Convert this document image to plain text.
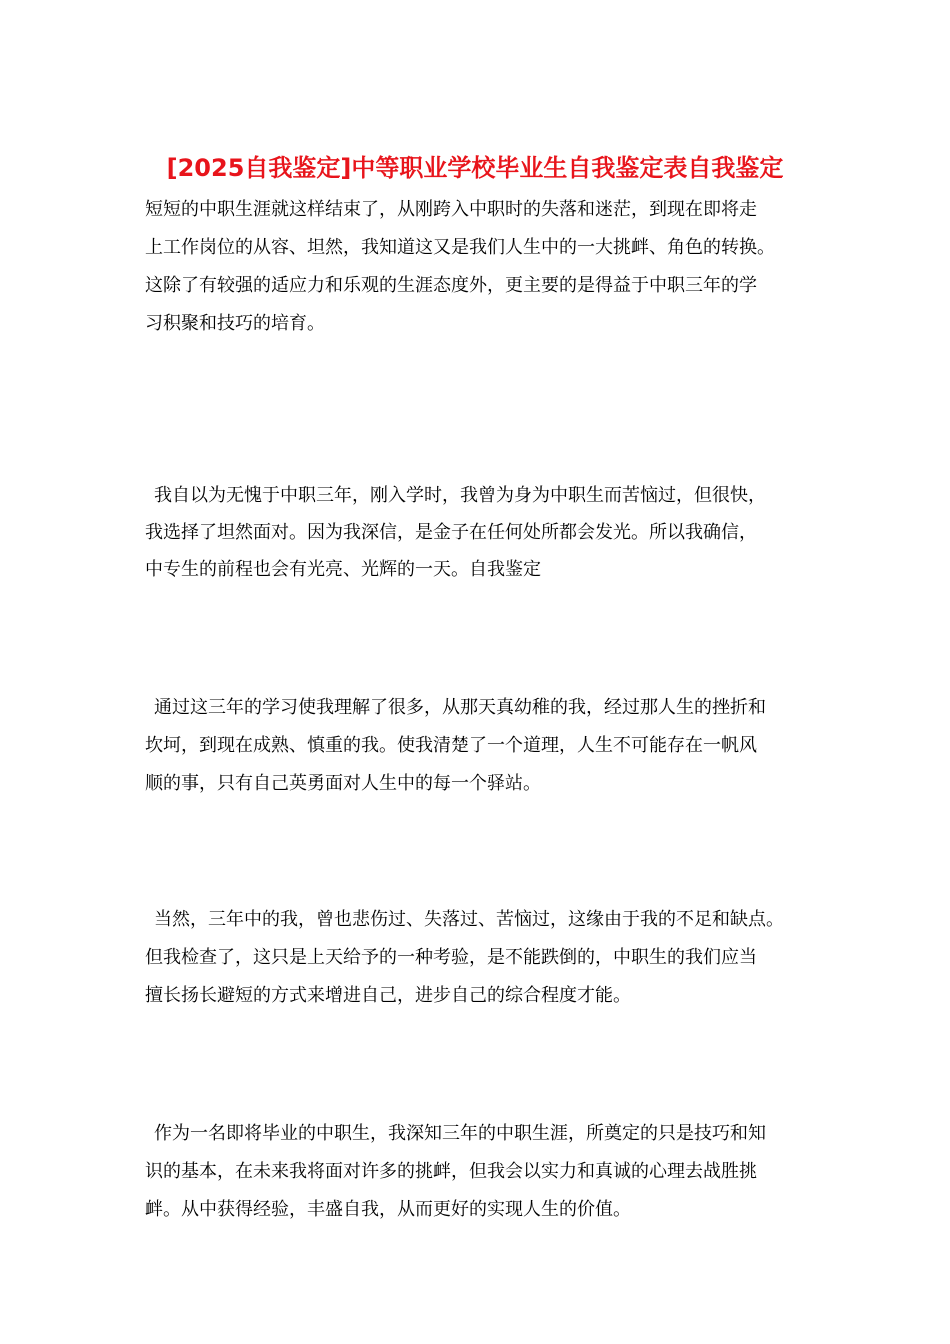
[2025自我鉴定]中等职业学校毕业生自我鉴定表自我鉴定
短短的中职生涯就这样结束了，从刚跨入中职时的失落和迷茫，到现在即将走
上工作岗位的从容、坦然，我知道这又是我们人生中的一大挑衅、角色的转换。
这除了有较强的适应力和乐观的生涯态度外，更主要的是得益于中职三年的学
习积聚和技巧的培育。
我自以为无愧于中职三年，刚入学时，我曾为身为中职生而苦恼过，但很快，
我选择了坦然面对。因为我深信，是金子在任何处所都会发光。所以我确信，
中专生的前程也会有光亮、光辉的一天。自我鉴定
通过这三年的学习使我理解了很多，从那天真幼稚的我，经过那人生的挫折和
坎坷，到现在成熟、慎重的我。使我清楚了一个道理，人生不可能存在一帆风
顺的事，只有自己英勇面对人生中的每一个驿站。
当然，三年中的我，曾也悲伤过、失落过、苦恼过，这缘由于我的不足和缺点。
但我检查了，这只是上天给予的一种考验，是不能跌倒的，中职生的我们应当
擅长扬长避短的方式来增进自己，进步自己的综合程度才能。
作为一名即将毕业的中职生，我深知三年的中职生涯，所奠定的只是技巧和知
识的基本，在未来我将面对许多的挑衅，但我会以实力和真诚的心理去战胜挑
衅。从中获得经验，丰盛自我，从而更好的实现人生的价值。
